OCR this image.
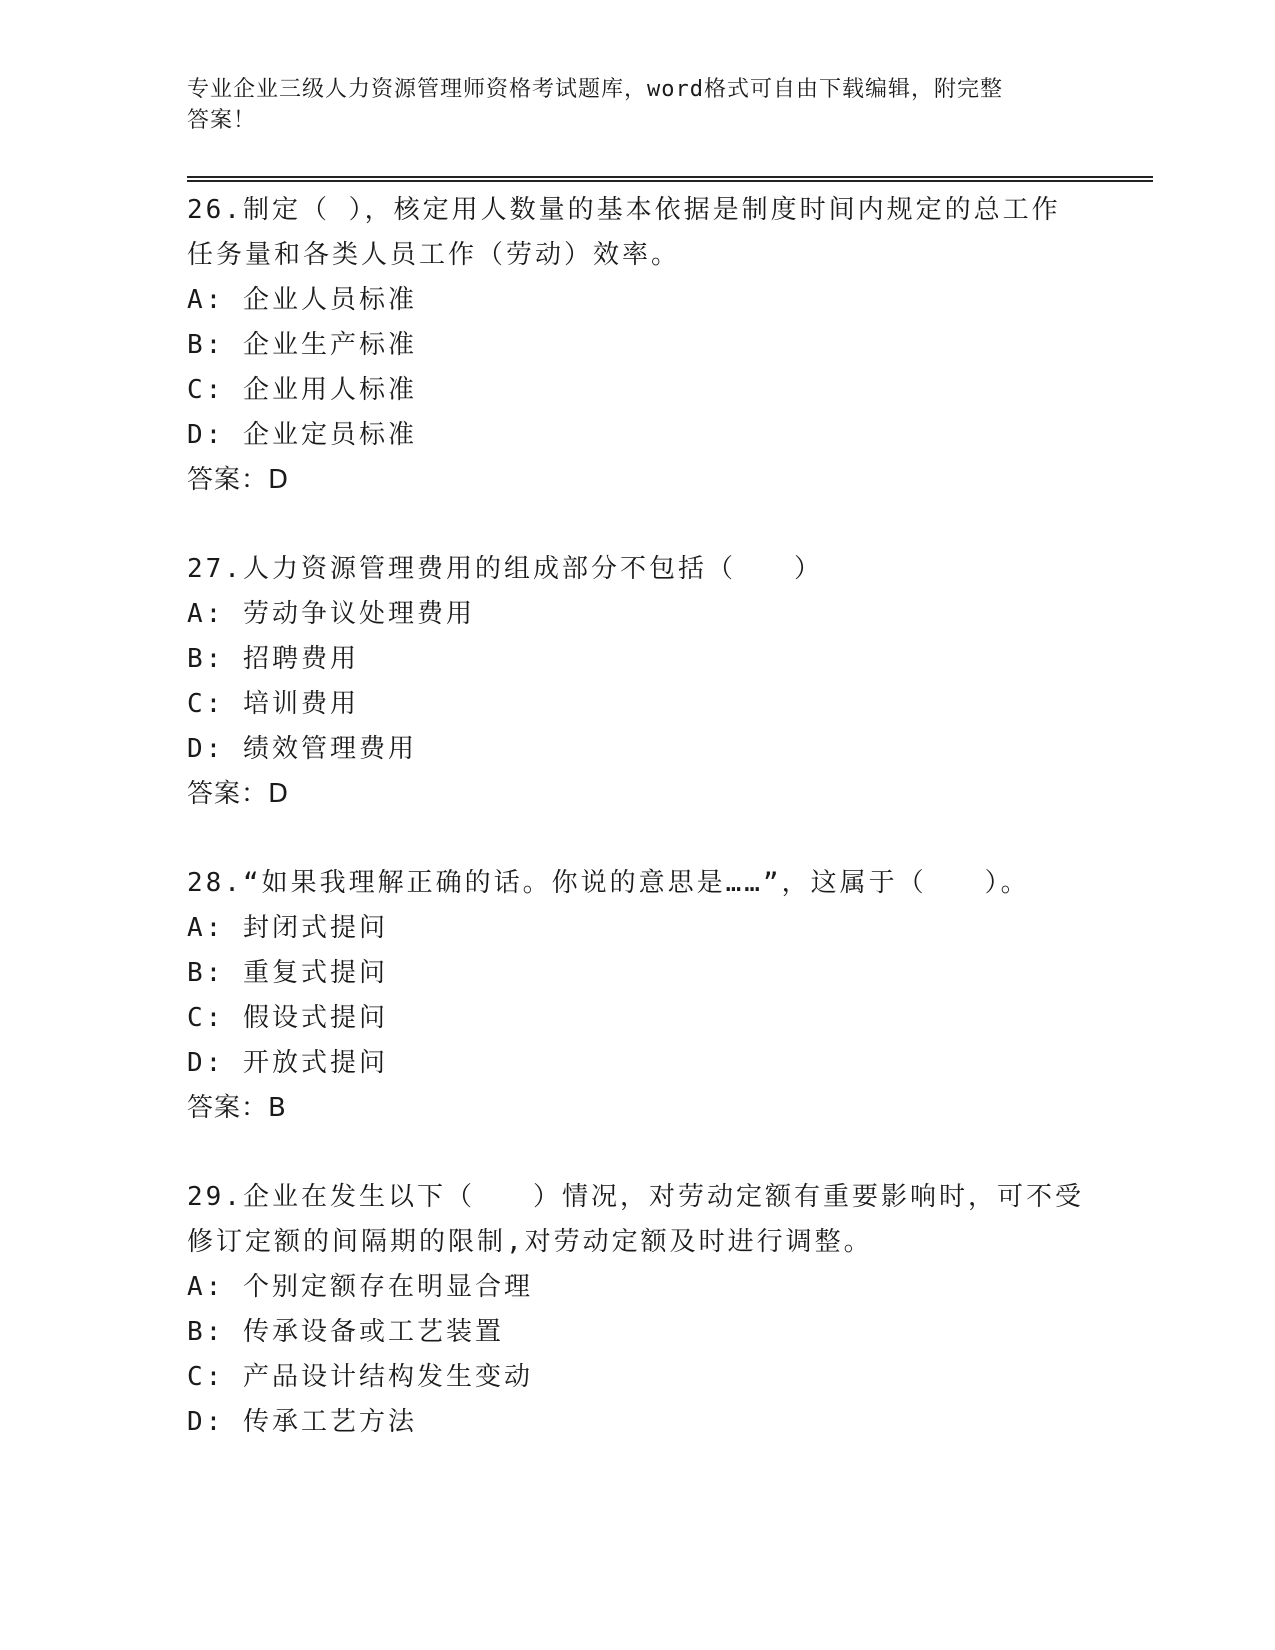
专业企业三级人力资源管理师资格考试题库，word格式可自由下载编辑，附完整
答案！

26.制定（ ），核定用人数量的基本依据是制度时间内规定的总工作

任务量和各类人员工作（劳动）效率。

A: 企业人员标准

B: 企业生产标准

C: 企业用人标准

D: 企业定员标准

答案：D

27.人力资源管理费用的组成部分不包括（　　）

A: 劳动争议处理费用

B: 招聘费用

C: 培训费用

D: 绩效管理费用

答案：D

28.“如果我理解正确的话。你说的意思是……”，这属于（　　）。

A: 封闭式提问

B: 重复式提问

C: 假设式提问

D: 开放式提问

答案：B

29.企业在发生以下（　　）情况，对劳动定额有重要影响时，可不受

修订定额的间隔期的限制,对劳动定额及时进行调整。

A: 个别定额存在明显合理

B: 传承设备或工艺装置

C: 产品设计结构发生变动

D: 传承工艺方法
